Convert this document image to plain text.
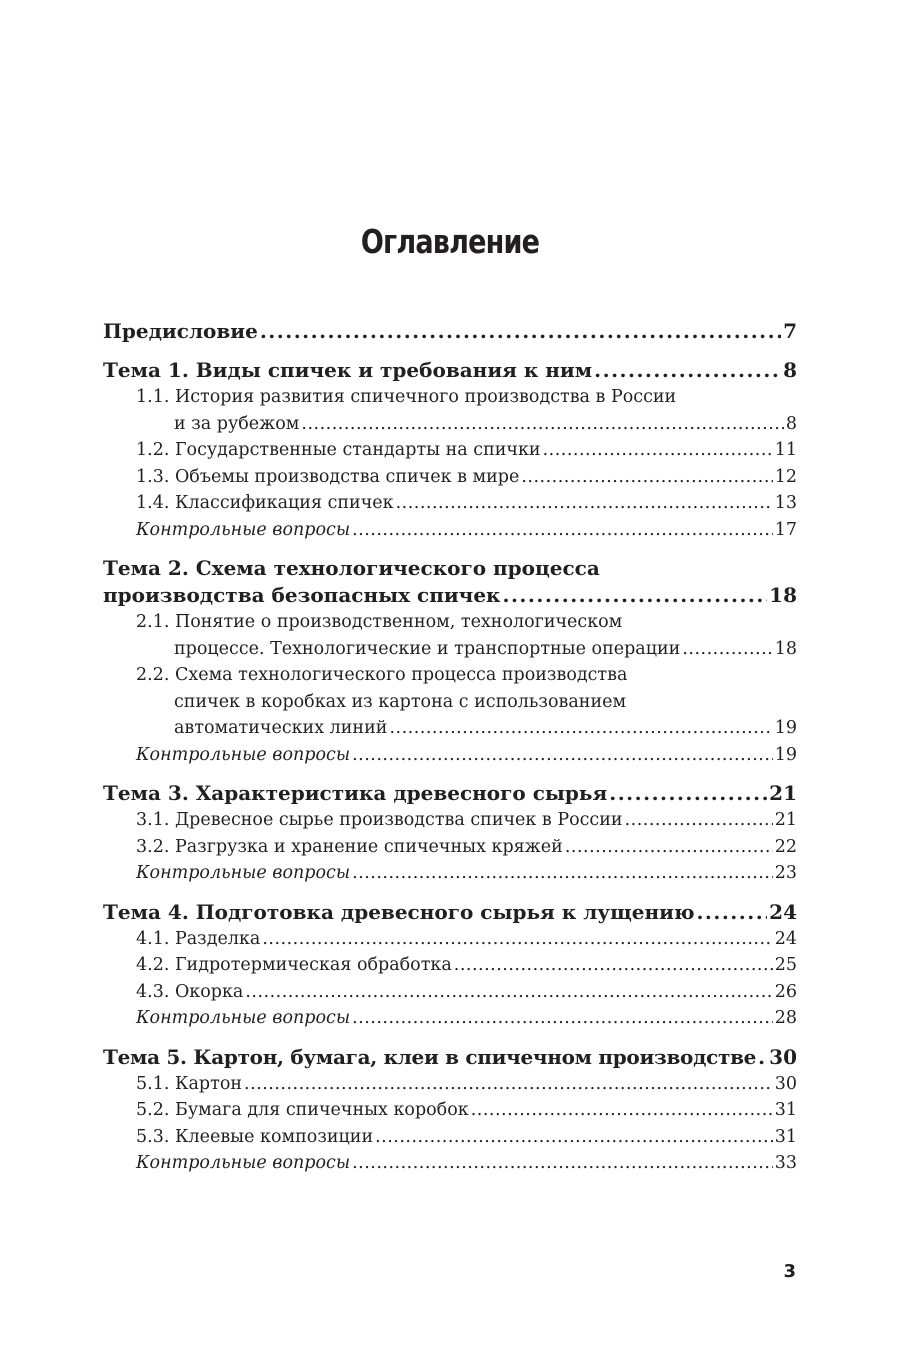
Оглавление
Предисловие .....	7
Тема 1. Виды спичек и требования к ним .....	8
1.1. История развития спичечного производства в России
и за рубежом .....	8
1.2. Государственные стандарты на спички .....	11
1.3. Объемы производства спичек в мире .....	12
1.4. Классификация спичек .....	13
Контрольные вопросы .....	17
Тема 2. Схема технологического процесса
производства безопасных спичек .....	18
2.1. Понятие о производственном, технологическом
процессе. Технологические и транспортные операции .....	18
2.2. Схема технологического процесса производства
спичек в коробках из картона с использованием
автоматических линий .....	19
Контрольные вопросы .....	19
Тема 3. Характеристика древесного сырья .....	21
3.1. Древесное сырье производства спичек в России .....	21
3.2. Разгрузка и хранение спичечных кряжей .....	22
Контрольные вопросы .....	23
Тема 4. Подготовка древесного сырья к лущению .....	24
4.1. Разделка .....	24
4.2. Гидротермическая обработка .....	25
4.3. Окорка .....	26
Контрольные вопросы .....	28
Тема 5. Картон, бумага, клеи в спичечном производстве ..... 30
5.1. Картон .....	30
5.2. Бумага для спичечных коробок .....	31
5.3. Клеевые композиции .....	31
Контрольные вопросы .....	33
3
